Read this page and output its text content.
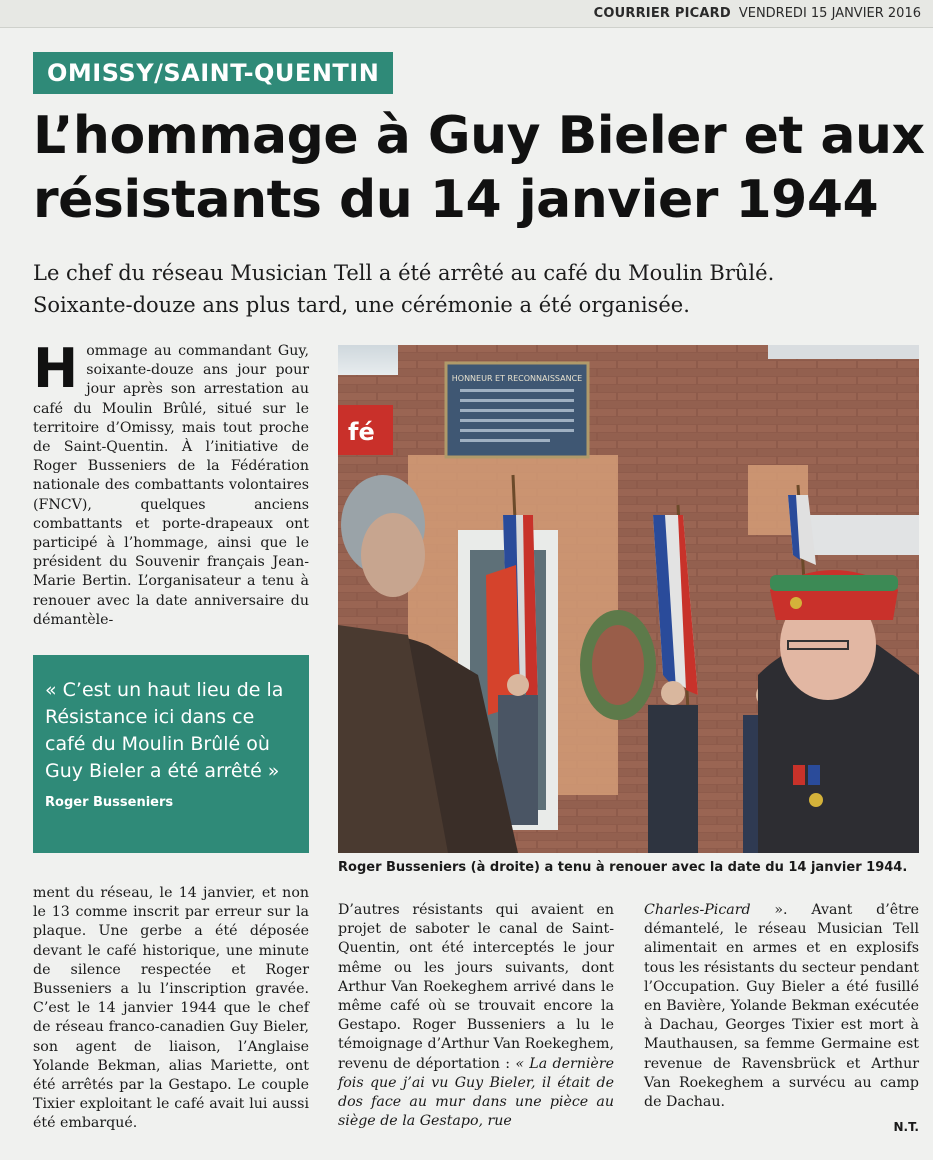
COURRIER PICARD VENDREDI 15 JANVIER 2016
OMISSY/SAINT-QUENTIN
L’hommage à Guy Bieler et aux
résistants du 14 janvier 1944
Le chef du réseau Musician Tell a été arrêté au café du Moulin Brûlé.
Soixante-douze ans plus tard, une cérémonie a été organisée.
H ommage au commandant Guy, soixante-douze ans jour pour jour après son arrestation au café du Moulin Brûlé, situé sur le territoire d’Omissy, mais tout proche de Saint-Quentin. À l’initiative de Roger Busseniers de la Fédération nationale des combattants volontaires (FNCV), quelques anciens combattants et porte-drapeaux ont participé à l’hommage, ainsi que le président du Souvenir français Jean-Marie Bertin. L’organisateur a tenu à renouer avec la date anniversaire du démantèle-
« C’est un haut lieu de la Résistance ici dans ce café du Moulin Brûlé où Guy Bieler a été arrêté »
Roger Busseniers
fé
HONNEUR ET RECONNAISSANCE
Roger Busseniers (à droite) a tenu à renouer avec la date du 14 janvier 1944.

ment du réseau, le 14 janvier, et non le 13 comme inscrit par erreur sur la plaque. Une gerbe a été déposée devant le café historique, une minute de silence respectée et Roger Busseniers a lu l’inscription gravée. C’est le 14 janvier 1944 que le chef de réseau franco-canadien Guy Bieler, son agent de liaison, l’Anglaise Yolande Bekman, alias Mariette, ont été arrêtés par la Gestapo. Le couple Tixier exploitant le café avait lui aussi été embarqué.

D’autres résistants qui avaient en projet de saboter le canal de Saint-Quentin, ont été interceptés le jour même ou les jours suivants, dont Arthur Van Roekeghem arrivé dans le même café où se trouvait encore la Gestapo. Roger Busseniers a lu le témoignage d’Arthur Van Roekeghem, revenu de déportation : « La dernière fois que j’ai vu Guy Bieler, il était de dos face au mur dans une pièce au siège de la Gestapo, rue

Charles-Picard ». Avant d’être démantelé, le réseau Musician Tell alimentait en armes et en explosifs tous les résistants du secteur pendant l’Occupation. Guy Bieler a été fusillé en Bavière, Yolande Bekman exécutée à Dachau, Georges Tixier est mort à Mauthausen, sa femme Germaine est revenue de Ravensbrück et Arthur Van Roekeghem a survécu au camp de Dachau.

N.T.
